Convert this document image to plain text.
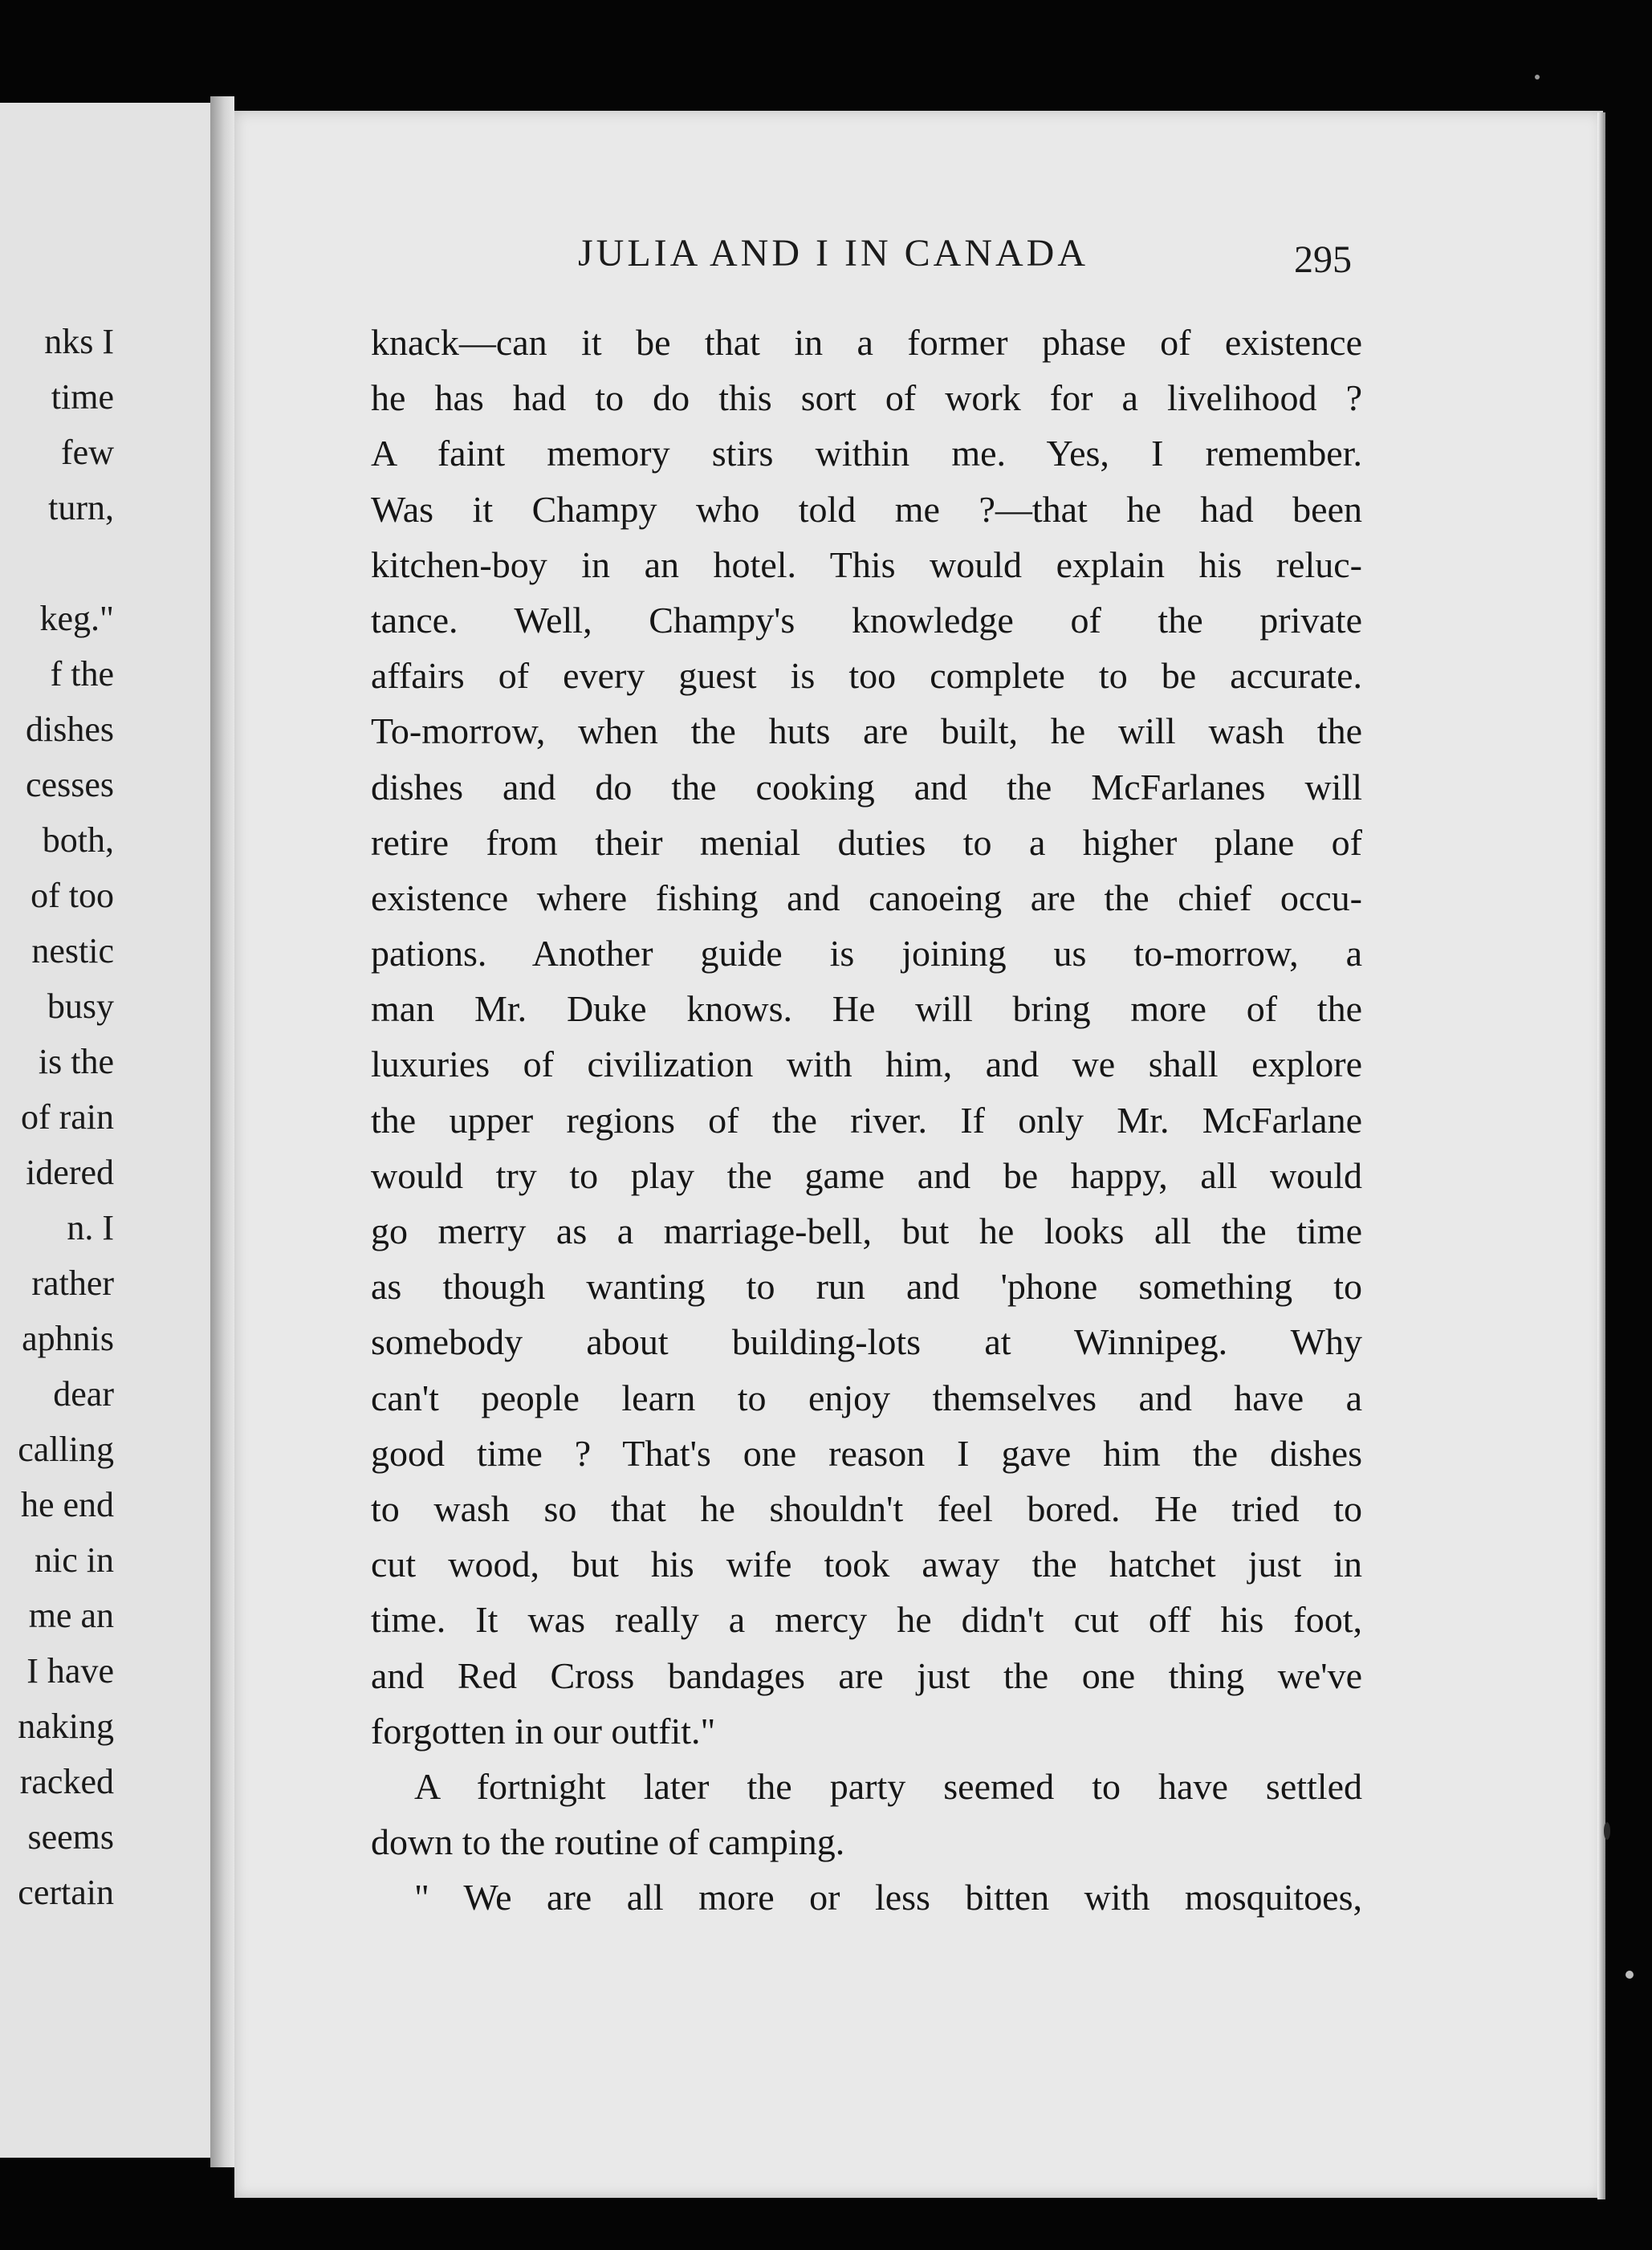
nks I
time
few
turn,
keg."
f the
dishes
cesses
both,
of too
nestic
busy
is the
of rain
idered
n. I
rather
aphnis
dear
calling
he end
nic in
me an
I have
naking
racked
seems
certain
JULIA AND I IN CANADA	295
knack—can it be that in a former phase of existence
he has had to do this sort of work for a livelihood ?
A faint memory stirs within me. Yes, I remember.
Was it Champy who told me ?—that he had been
kitchen-boy in an hotel. This would explain his reluc-
tance. Well, Champy's knowledge of the private
affairs of every guest is too complete to be accurate.
To-morrow, when the huts are built, he will wash the
dishes and do the cooking and the McFarlanes will
retire from their menial duties to a higher plane of
existence where fishing and canoeing are the chief occu-
pations. Another guide is joining us to-morrow, a
man Mr. Duke knows. He will bring more of the
luxuries of civilization with him, and we shall explore
the upper regions of the river. If only Mr. McFarlane
would try to play the game and be happy, all would
go merry as a marriage-bell, but he looks all the time
as though wanting to run and 'phone something to
somebody about building-lots at Winnipeg. Why
can't people learn to enjoy themselves and have a
good time ? That's one reason I gave him the dishes
to wash so that he shouldn't feel bored. He tried to
cut wood, but his wife took away the hatchet just in
time. It was really a mercy he didn't cut off his foot,
and Red Cross bandages are just the one thing we've
forgotten in our outfit."
A fortnight later the party seemed to have settled
down to the routine of camping.
" We are all more or less bitten with mosquitoes,
